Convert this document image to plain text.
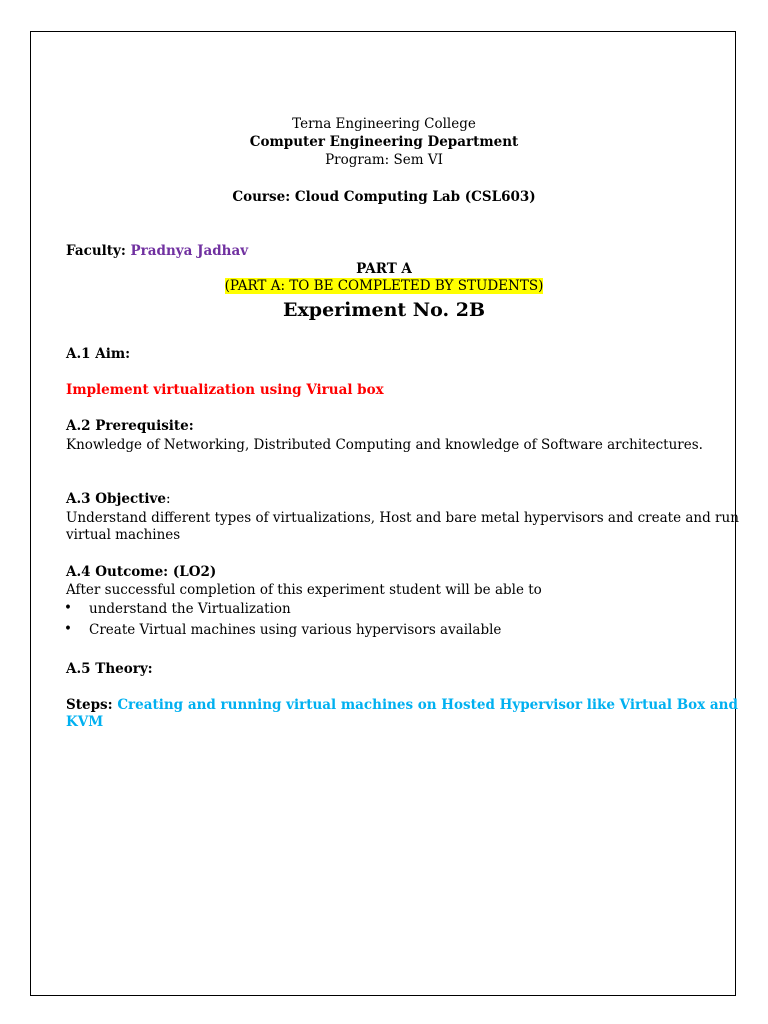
Terna Engineering College
Computer Engineering Department
Program: Sem VI
Course: Cloud Computing Lab (CSL603)
Faculty: Pradnya Jadhav
PART A
(PART A: TO BE COMPLETED BY STUDENTS)
Experiment No. 2B
A.1 Aim:
Implement virtualization using Virual box
A.2 Prerequisite:
Knowledge of Networking, Distributed Computing and knowledge of Software architectures.
A.3 Objective:
Understand different types of virtualizations, Host and bare metal hypervisors and create and run
virtual machines
A.4 Outcome: (LO2)
After successful completion of this experiment student will be able to
• understand the Virtualization
• Create Virtual machines using various hypervisors available
A.5 Theory:
Steps: Creating and running virtual machines on Hosted Hypervisor like Virtual Box and
KVM
